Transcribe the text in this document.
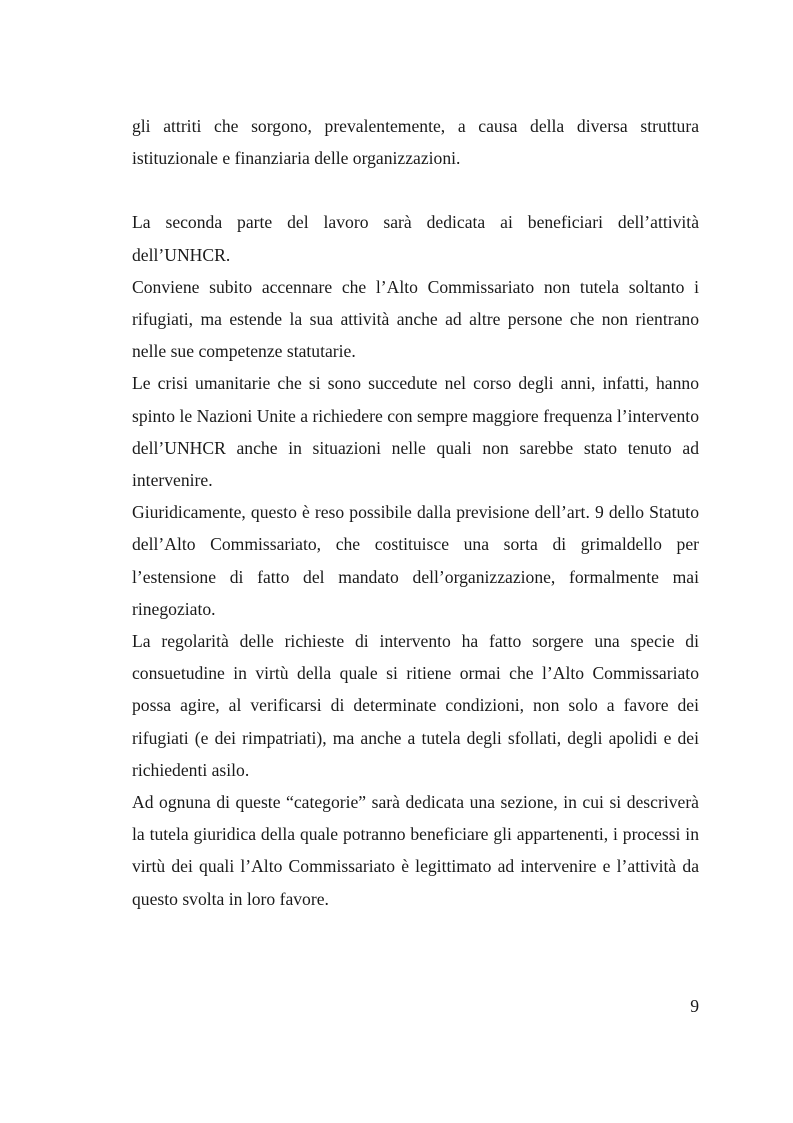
gli attriti che sorgono, prevalentemente, a causa della diversa struttura istituzionale e finanziaria delle organizzazioni.

La seconda parte del lavoro sarà dedicata ai beneficiari dell’attività dell’UNHCR.

Conviene subito accennare che l’Alto Commissariato non tutela soltanto i rifugiati, ma estende la sua attività anche ad altre persone che non rientrano nelle sue competenze statutarie.

Le crisi umanitarie che si sono succedute nel corso degli anni, infatti, hanno spinto le Nazioni Unite a richiedere con sempre maggiore frequenza l’intervento dell’UNHCR anche in situazioni nelle quali non sarebbe stato tenuto ad intervenire.

Giuridicamente, questo è reso possibile dalla previsione dell’art. 9 dello Statuto dell’Alto Commissariato, che costituisce una sorta di grimaldello per l’estensione di fatto del mandato dell’organizzazione, formalmente mai rinegoziato.

La regolarità delle richieste di intervento ha fatto sorgere una specie di consuetudine in virtù della quale si ritiene ormai che l’Alto Commissariato possa agire, al verificarsi di determinate condizioni, non solo a favore dei rifugiati (e dei rimpatriati), ma anche a tutela degli sfollati, degli apolidi e dei richiedenti asilo.

Ad ognuna di queste “categorie” sarà dedicata una sezione, in cui si descriverà la tutela giuridica della quale potranno beneficiare gli appartenenti, i processi in virtù dei quali l’Alto Commissariato è legittimato ad intervenire e l’attività da questo svolta in loro favore.

9
